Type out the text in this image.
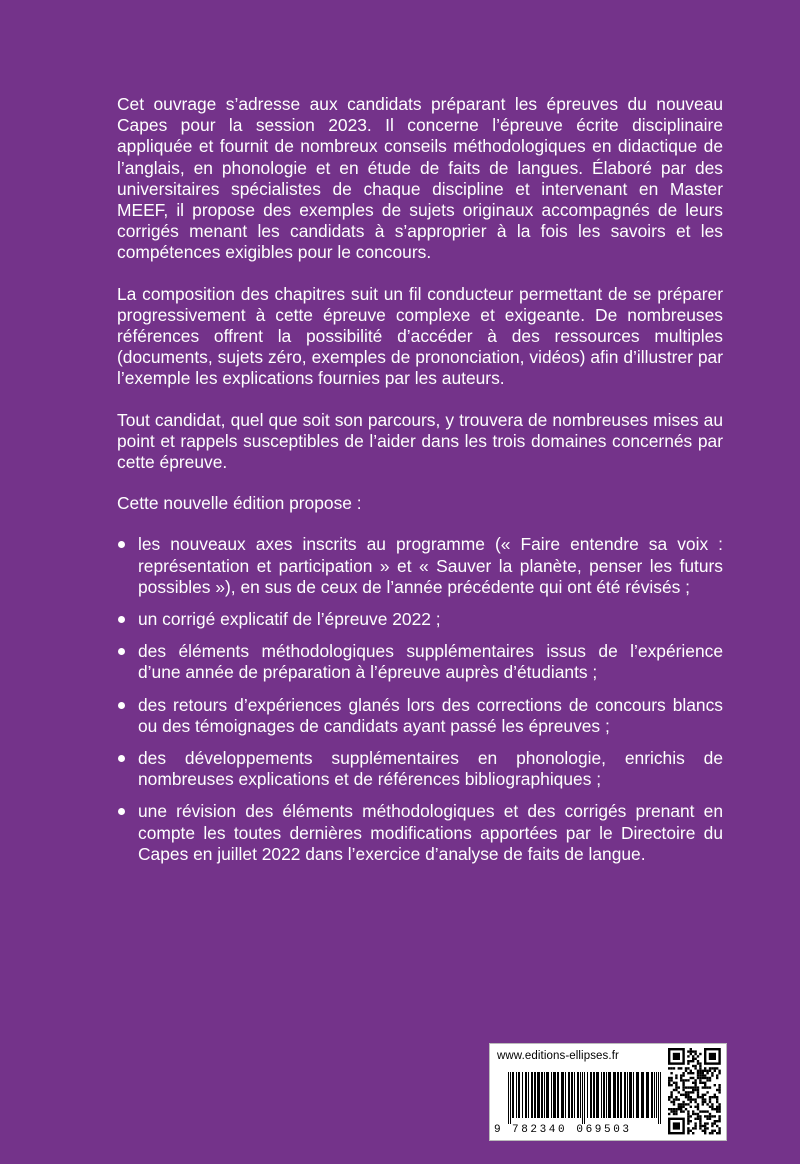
Cet ouvrage s’adresse aux candidats préparant les épreuves du nouveau Capes pour la session 2023. Il concerne l’épreuve écrite disciplinaire appliquée et fournit de nombreux conseils méthodologiques en didactique de l’anglais, en phonologie et en étude de faits de langues. Élaboré par des universitaires spécialistes de chaque discipline et intervenant en Master MEEF, il propose des exemples de sujets originaux accompagnés de leurs corrigés menant les candidats à s’approprier à la fois les savoirs et les compétences exigibles pour le concours.

La composition des chapitres suit un fil conducteur permettant de se préparer progressivement à cette épreuve complexe et exigeante. De nombreuses références offrent la possibilité d’accéder à des ressources multiples (documents, sujets zéro, exemples de prononciation, vidéos) afin d’illustrer par l’exemple les explications fournies par les auteurs.

Tout candidat, quel que soit son parcours, y trouvera de nombreuses mises au point et rappels susceptibles de l’aider dans les trois domaines concernés par cette épreuve.

Cette nouvelle édition propose :

les nouveaux axes inscrits au programme (« Faire entendre sa voix : représentation et participation » et « Sauver la planète, penser les futurs possibles »), en sus de ceux de l’année précédente qui ont été révisés ;
un corrigé explicatif de l’épreuve 2022 ;
des éléments méthodologiques supplémentaires issus de l’expérience d’une année de préparation à l’épreuve auprès d’étudiants ;
des retours d’expériences glanés lors des corrections de concours blancs ou des témoignages de candidats ayant passé les épreuves ;
des développements supplémentaires en phonologie, enrichis de nombreuses explications et de références bibliographiques ;
une révision des éléments méthodologiques et des corrigés prenant en compte les toutes dernières modifications apportées par le Directoire du Capes en juillet 2022 dans l’exercice d’analyse de faits de langue.
www.editions-ellipses.fr
9 782340 069503
